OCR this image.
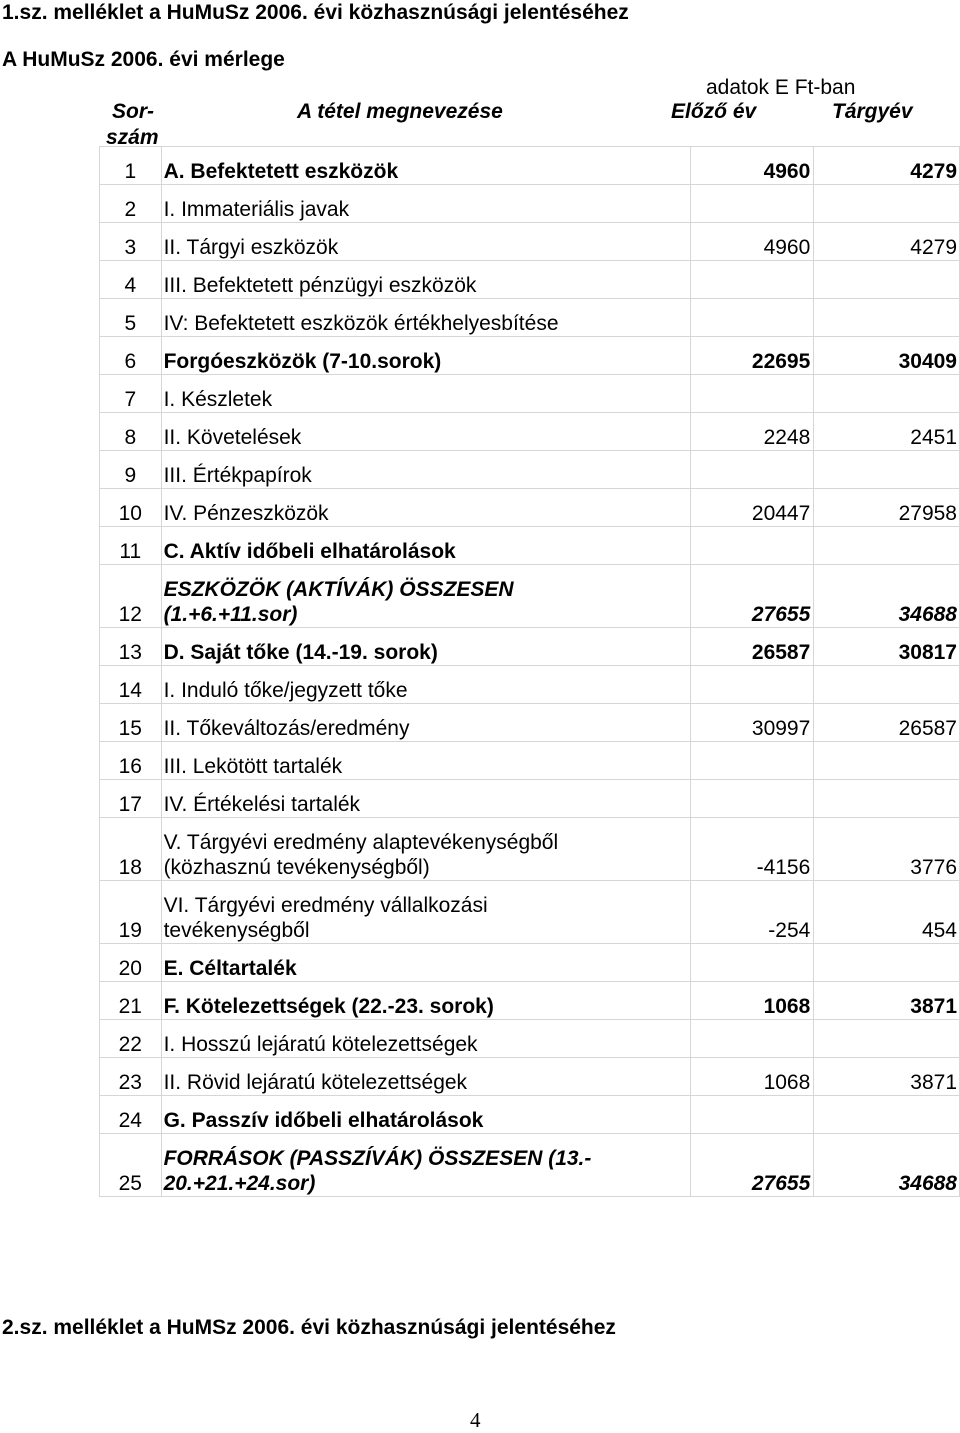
1.sz. melléklet a HuMuSz 2006. évi közhasznúsági jelentéséhez
A HuMuSz 2006. évi mérlege
adatok E Ft-ban
Sor-
szám
A tétel megnevezése	Előző év	Tárgyév
1	A. Befektetett eszközök	4960	4279
2	I. Immateriális javak		
3	II. Tárgyi eszközök	4960	4279
4	III. Befektetett pénzügyi eszközök		
5	IV: Befektetett eszközök értékhelyesbítése		
6	Forgóeszközök (7-10.sorok)	22695	30409
7	I. Készletek		
8	II. Követelések	2248	2451
9	III. Értékpapírok		
10	IV. Pénzeszközök	20447	27958
11	C. Aktív időbeli elhatárolások		
12	ESZKÖZÖK (AKTÍVÁK) ÖSSZESEN
(1.+6.+11.sor)	27655	34688
13	D. Saját tőke (14.-19. sorok)	26587	30817
14	I. Induló tőke/jegyzett tőke		
15	II. Tőkeváltozás/eredmény	30997	26587
16	III. Lekötött tartalék		
17	IV. Értékelési tartalék		
18	V. Tárgyévi eredmény alaptevékenységből
(közhasznú tevékenységből)	-4156	3776
19	VI. Tárgyévi eredmény vállalkozási
tevékenységből	-254	454
20	E. Céltartalék		
21	F. Kötelezettségek (22.-23. sorok)	1068	3871
22	I. Hosszú lejáratú kötelezettségek		
23	II. Rövid lejáratú kötelezettségek	1068	3871
24	G. Passzív időbeli elhatárolások		
25	FORRÁSOK (PASSZÍVÁK) ÖSSZESEN (13.-
20.+21.+24.sor)	27655	34688
2.sz. melléklet a HuMSz 2006. évi közhasznúsági jelentéséhez
4
